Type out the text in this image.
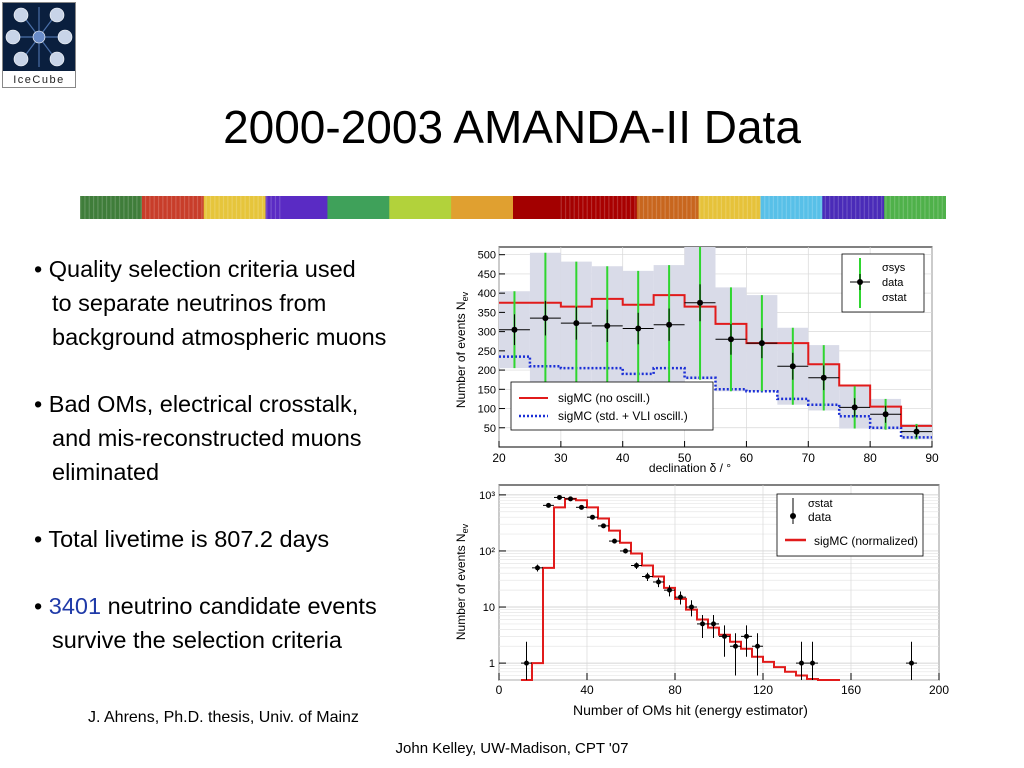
IceCube
2000-2003 AMANDA-II Data
• Quality selection criteria used
to separate neutrinos from
background atmospheric muons
• Bad OMs, electrical crosstalk,
and mis-reconstructed muons
eliminated
• Total livetime is 807.2 days
• 3401 neutrino candidate events
survive the selection criteria
J. Ahrens, Ph.D. thesis, Univ. of Mainz	Number of OMs hit (energy estimator)
John Kelley, UW-Madison, CPT '07
50
100
150
200
250
300
350
400
450
500
20	30	40	50	60	70	80	90
σsys
data
σstat
sigMC (no oscill.)
sigMC (std. + VLI oscill.)
declination δ / °
Number of events $N_{ev}$
1
10
10²
10³
0	40	80	120	160	200
σstat
data
sigMC (normalized)
Number of events $N_{ev}$
